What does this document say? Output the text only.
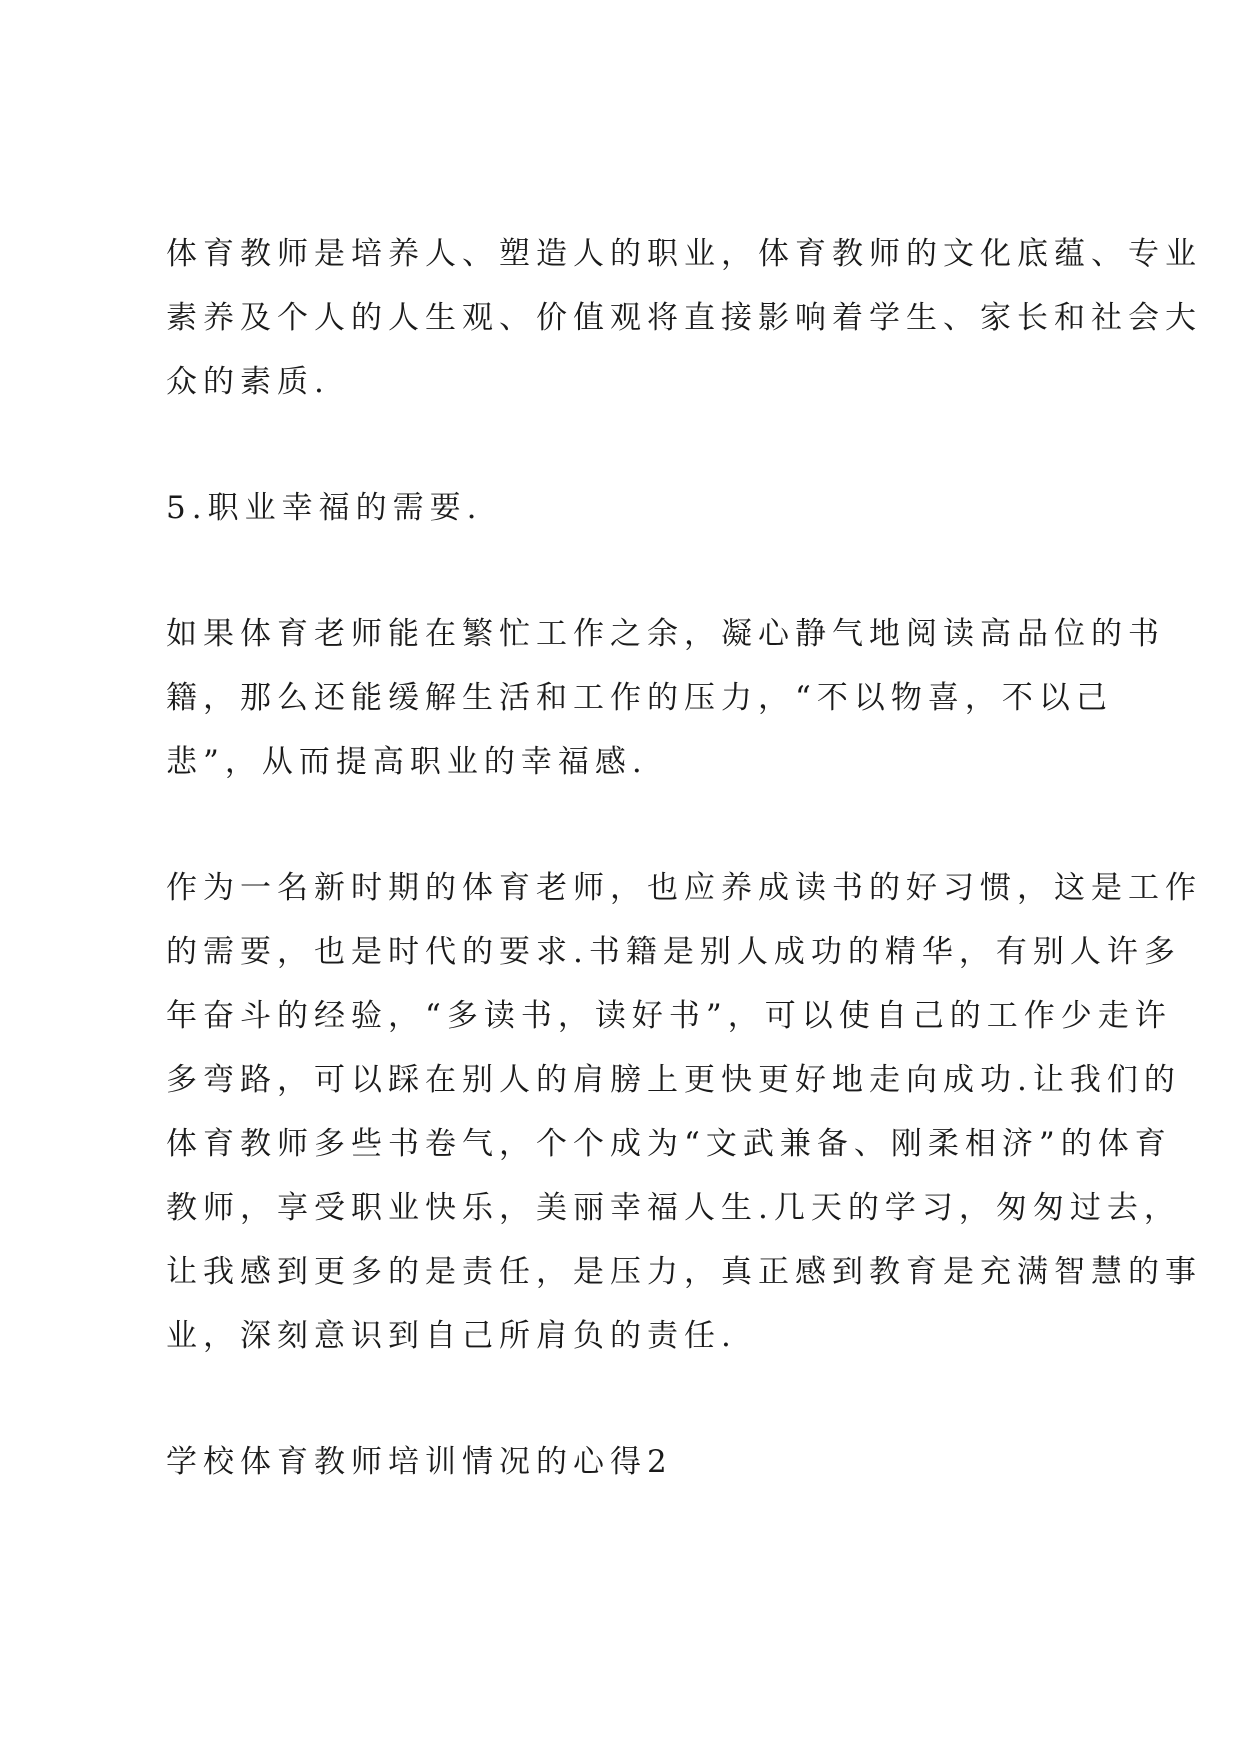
体育教师是培养人、塑造人的职业，体育教师的文化底蕴、专业
素养及个人的人生观、价值观将直接影响着学生、家长和社会大
众的素质.

5.职业幸福的需要.

如果体育老师能在繁忙工作之余，凝心静气地阅读高品位的书
籍，那么还能缓解生活和工作的压力，“不以物喜，不以己
悲”，从而提高职业的幸福感.

作为一名新时期的体育老师，也应养成读书的好习惯，这是工作
的需要，也是时代的要求.书籍是别人成功的精华，有别人许多
年奋斗的经验，“多读书，读好书”，可以使自己的工作少走许
多弯路，可以踩在别人的肩膀上更快更好地走向成功.让我们的
体育教师多些书卷气，个个成为“文武兼备、刚柔相济”的体育
教师，享受职业快乐，美丽幸福人生.几天的学习，匆匆过去，
让我感到更多的是责任，是压力，真正感到教育是充满智慧的事
业，深刻意识到自己所肩负的责任.

学校体育教师培训情况的心得2
